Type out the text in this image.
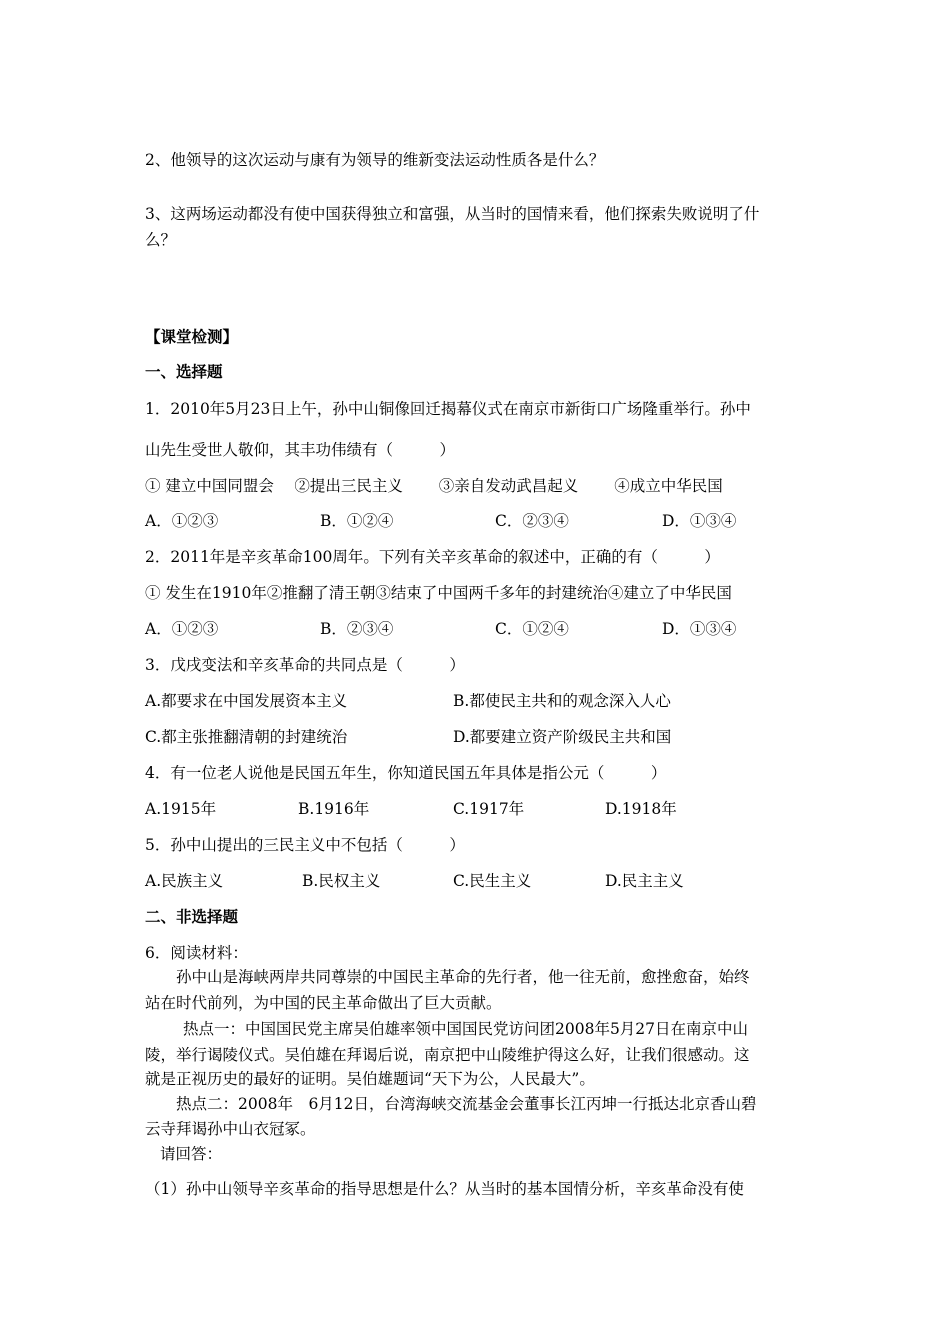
2、他领导的这次运动与康有为领导的维新变法运动性质各是什么？
3、这两场运动都没有使中国获得独立和富强，从当时的国情来看，他们探索失败说明了什
么？
【课堂检测】
一、选择题
1．2010年5月23日上午，孙中山铜像回迁揭幕仪式在南京市新街口广场隆重举行。孙中
山先生受世人敬仰，其丰功伟绩有（　　　）
① 建立中国同盟会　 ②提出三民主义　　 ③亲自发动武昌起义　　 ④成立中华民国
A．①②③	B．①②④	C．②③④	D．①③④
2．2011年是辛亥革命100周年。下列有关辛亥革命的叙述中，正确的有（　　　）
① 发生在1910年②推翻了清王朝③结束了中国两千多年的封建统治④建立了中华民国
A．①②③	B．②③④	C．①②④	D．①③④
3．戊戌变法和辛亥革命的共同点是（　　　）
A.都要求在中国发展资本主义	B.都使民主共和的观念深入人心
C.都主张推翻清朝的封建统治	D.都要建立资产阶级民主共和国
4．有一位老人说他是民国五年生，你知道民国五年具体是指公元（　　　）
A.1915年	B.1916年	C.1917年	D.1918年
5．孙中山提出的三民主义中不包括（　　　）
A.民族主义	B.民权主义	C.民生主义	D.民主主义
二、非选择题
6．阅读材料：
孙中山是海峡两岸共同尊崇的中国民主革命的先行者，他一往无前，愈挫愈奋，始终
站在时代前列，为中国的民主革命做出了巨大贡献。
热点一：中国国民党主席吴伯雄率领中国国民党访问团2008年5月27日在南京中山
陵，举行谒陵仪式。吴伯雄在拜谒后说，南京把中山陵维护得这么好，让我们很感动。这
就是正视历史的最好的证明。吴伯雄题词“天下为公，人民最大”。
热点二：2008年　6月12日，台湾海峡交流基金会董事长江丙坤一行抵达北京香山碧
云寺拜谒孙中山衣冠冢。
请回答：
（1）孙中山领导辛亥革命的指导思想是什么？从当时的基本国情分析，辛亥革命没有使
